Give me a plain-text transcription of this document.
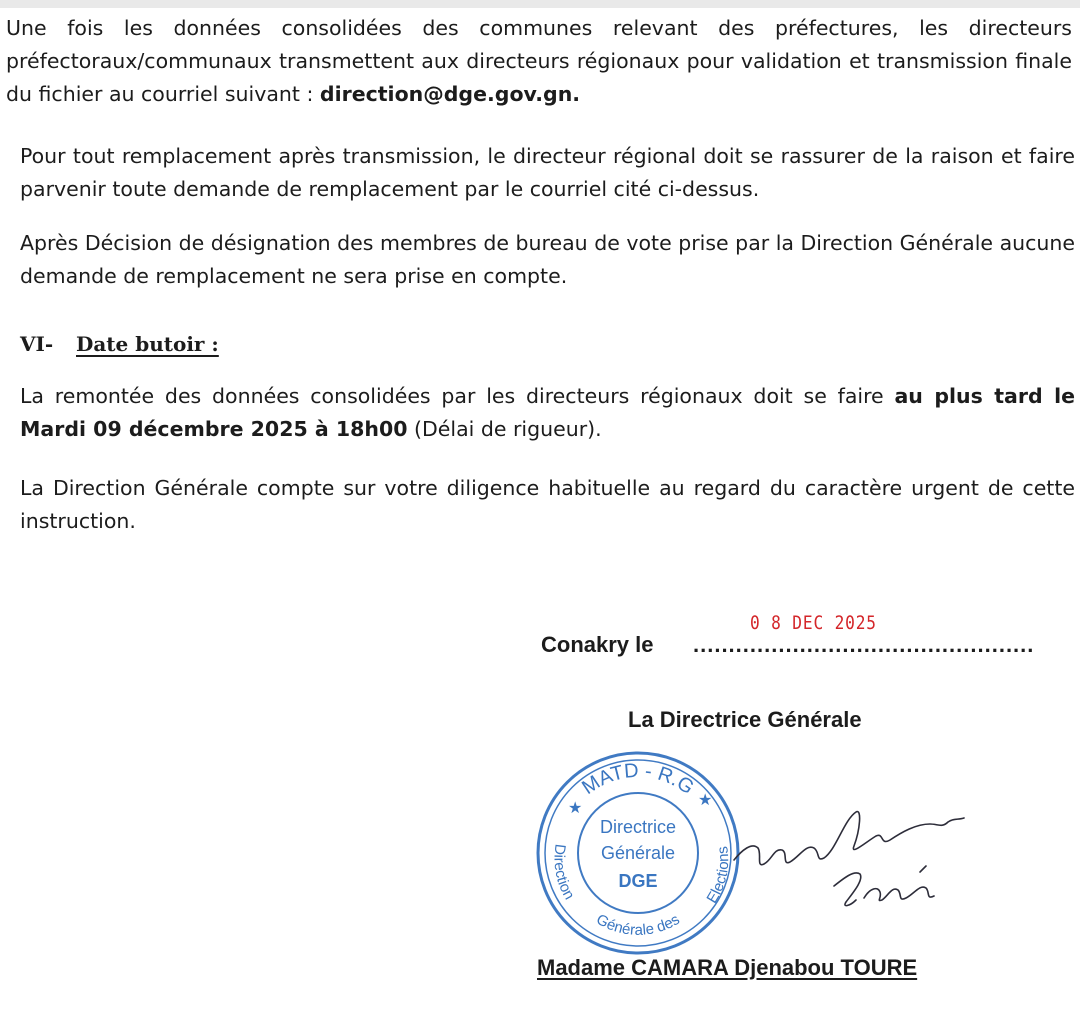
Une fois les données consolidées des communes relevant des préfectures, les directeurs préfectoraux/communaux transmettent aux directeurs régionaux pour validation et transmission finale du fichier au courriel suivant : direction@dge.gov.gn.

Pour tout remplacement après transmission, le directeur régional doit se rassurer de la raison et faire parvenir toute demande de remplacement par le courriel cité ci-dessus.

Après Décision de désignation des membres de bureau de vote prise par la Direction Générale aucune demande de remplacement ne sera prise en compte.

VI- Date butoir :

La remontée des données consolidées par les directeurs régionaux doit se faire au plus tard le Mardi 09 décembre 2025 à 18h00 (Délai de rigueur).

La Direction Générale compte sur votre diligence habituelle au regard du caractère urgent de cette instruction.

0 8 DEC 2025
Conakry le ................................................
La Directrice Générale
MATD - R.G
Direction
Générale des
Elections
Directrice
Générale
DGE
★	★
Madame CAMARA Djenabou TOURE
